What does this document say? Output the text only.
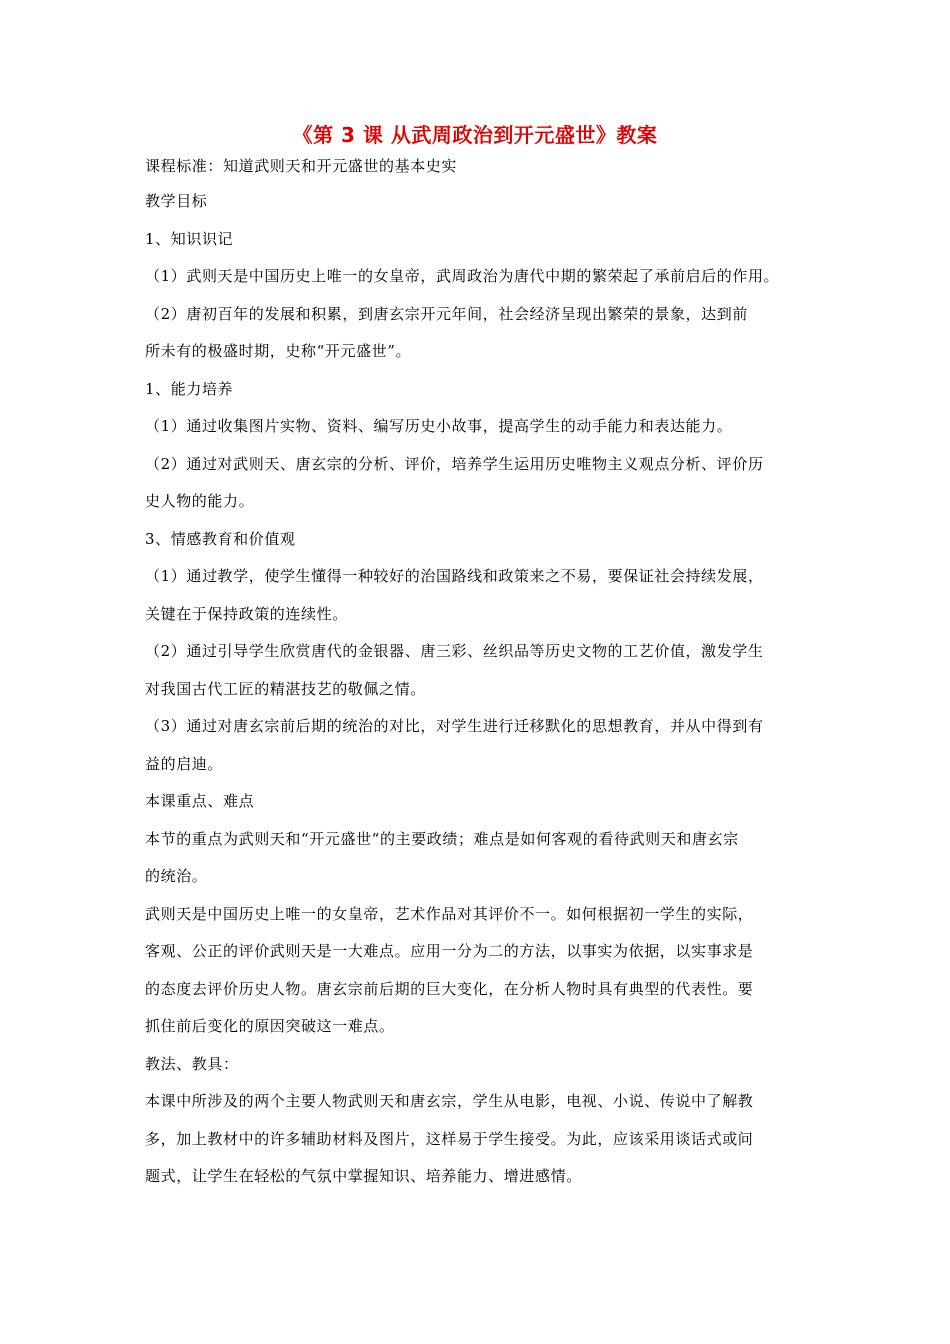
《第 3 课 从武周政治到开元盛世》教案
课程标准：知道武则天和开元盛世的基本史实
教学目标
1、知识识记
（1）武则天是中国历史上唯一的女皇帝，武周政治为唐代中期的繁荣起了承前启后的作用。
（2）唐初百年的发展和积累，到唐玄宗开元年间，社会经济呈现出繁荣的景象，达到前
所未有的极盛时期，史称“开元盛世”。
1、能力培养
（1）通过收集图片实物、资料、编写历史小故事，提高学生的动手能力和表达能力。
（2）通过对武则天、唐玄宗的分析、评价，培养学生运用历史唯物主义观点分析、评价历
史人物的能力。
3、情感教育和价值观
（1）通过教学，使学生懂得一种较好的治国路线和政策来之不易，要保证社会持续发展，
关键在于保持政策的连续性。
（2）通过引导学生欣赏唐代的金银器、唐三彩、丝织品等历史文物的工艺价值，激发学生
对我国古代工匠的精湛技艺的敬佩之情。
（3）通过对唐玄宗前后期的统治的对比，对学生进行迁移默化的思想教育，并从中得到有
益的启迪。
本课重点、难点
本节的重点为武则天和“开元盛世“的主要政绩；难点是如何客观的看待武则天和唐玄宗
的统治。
武则天是中国历史上唯一的女皇帝，艺术作品对其评价不一。如何根据初一学生的实际，
客观、公正的评价武则天是一大难点。应用一分为二的方法，以事实为依据，以实事求是
的态度去评价历史人物。唐玄宗前后期的巨大变化，在分析人物时具有典型的代表性。要
抓住前后变化的原因突破这一难点。
教法、教具：
本课中所涉及的两个主要人物武则天和唐玄宗，学生从电影，电视、小说、传说中了解教
多，加上教材中的许多辅助材料及图片，这样易于学生接受。为此，应该采用谈话式或问
题式，让学生在轻松的气氛中掌握知识、培养能力、增进感情。
